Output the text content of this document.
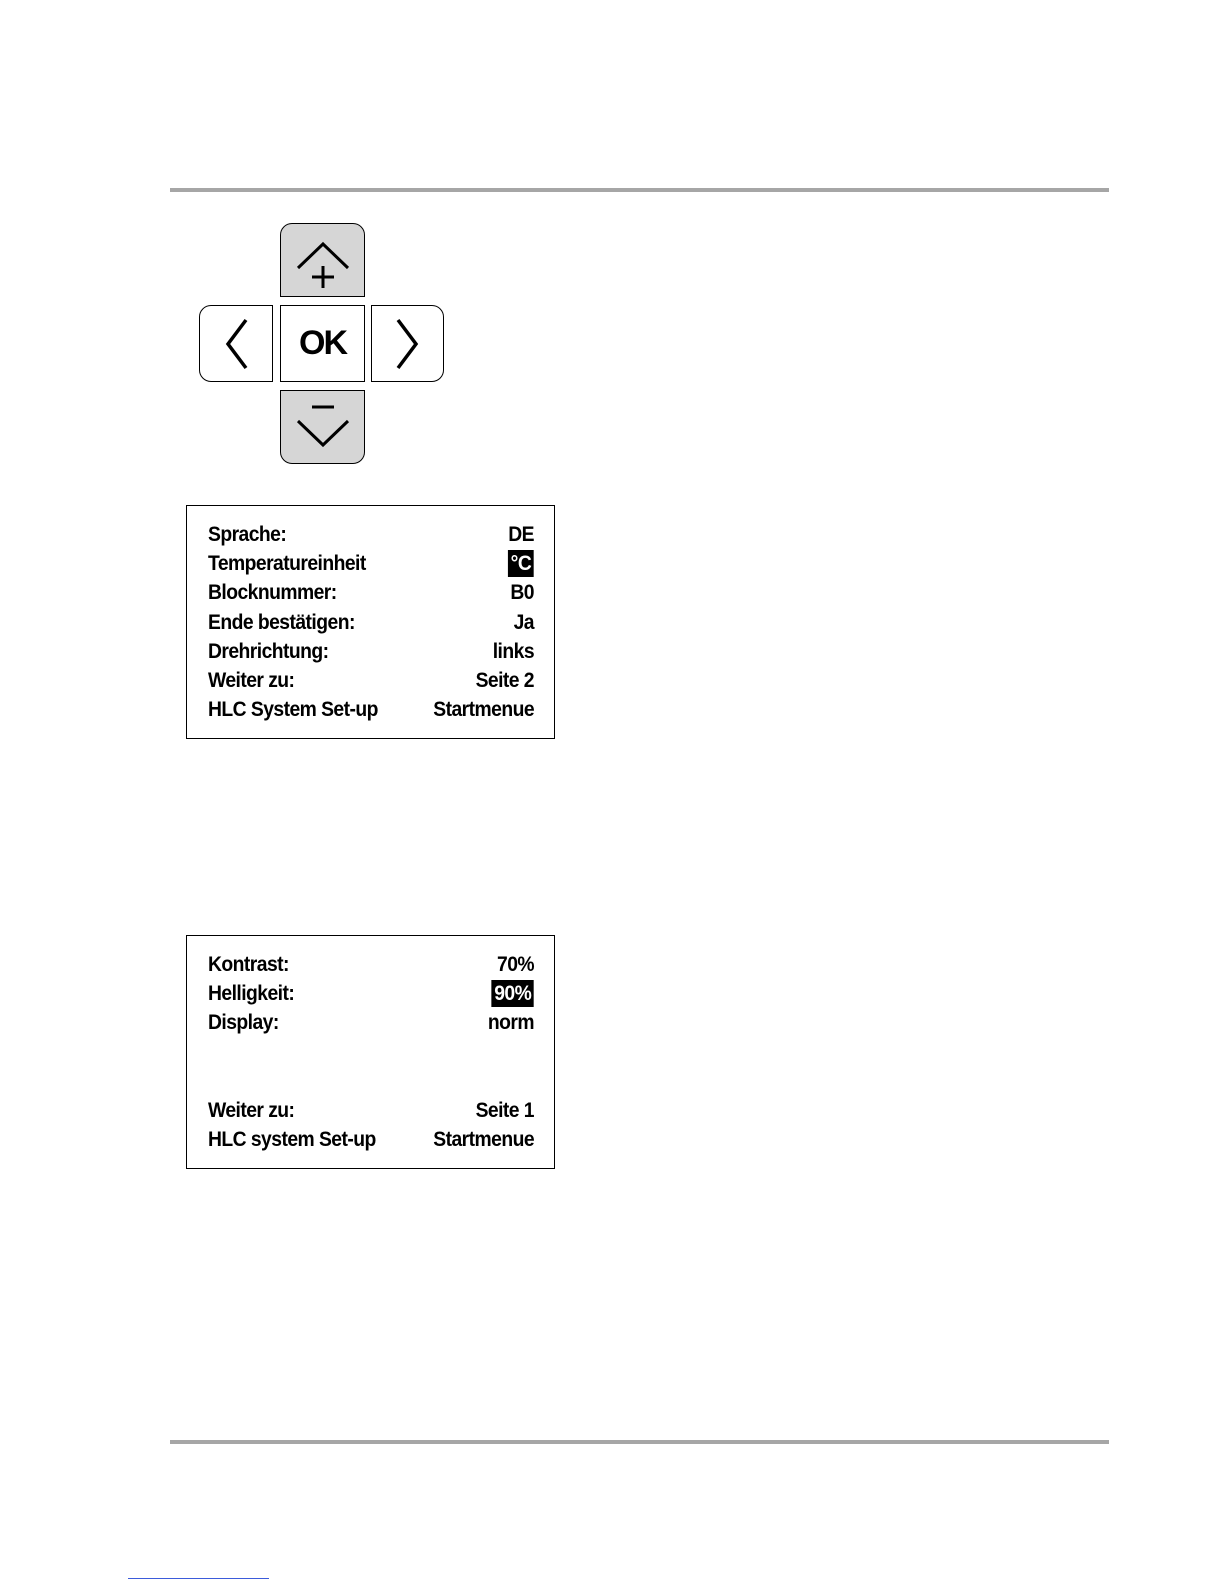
OK
Sprache:	DE
Temperatureinheit	°C
Blocknummer:	B0
Ende bestätigen:	Ja
Drehrichtung:	links
Weiter zu:	Seite 2
HLC System Set-up	Startmenue
Kontrast:	70%
Helligkeit:	90%
Display:	norm
Weiter zu:	Seite 1
HLC system Set-up	Startmenue
